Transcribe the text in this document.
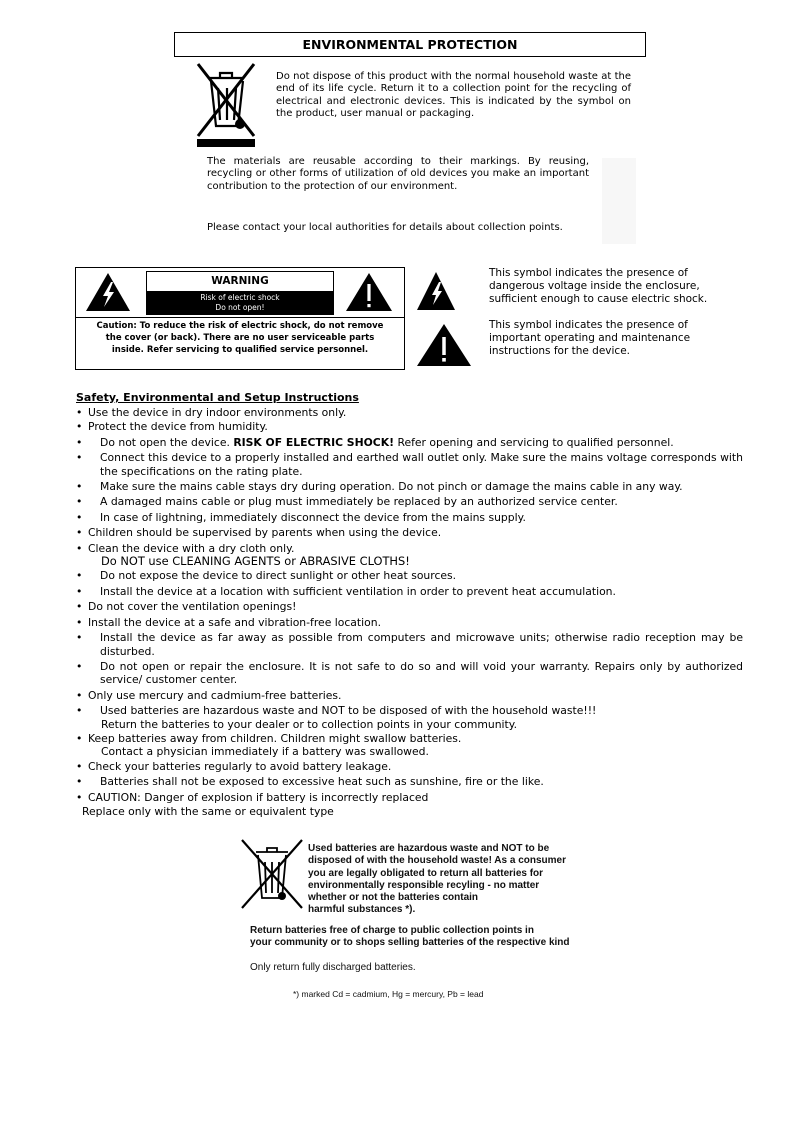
ENVIRONMENTAL PROTECTION
Do not dispose of this product with the normal household waste at the end of its life cycle. Return it to a collection point for the recycling of electrical and electronic devices. This is indicated by the symbol on the product, user manual or packaging.
The materials are reusable according to their markings. By reusing, recycling or other forms of utilization of old devices you make an important contribution to the protection of our environment.
Please contact your local authorities for details about collection points.
WARNING
Risk of electric shock
Do not open!
Caution: To reduce the risk of electric shock, do not remove the cover (or back). There are no user serviceable parts inside. Refer servicing to qualified service personnel.
This symbol indicates the presence of dangerous voltage inside the enclosure, sufficient enough to cause electric shock.
This symbol indicates the presence of important operating and maintenance instructions for the device.
Safety, Environmental and Setup Instructions
• Use the device in dry indoor environments only.
• Protect the device from humidity.
• Do not open the device. RISK OF ELECTRIC SHOCK! Refer opening and servicing to qualified personnel.
• Connect this device to a properly installed and earthed wall outlet only. Make sure the mains voltage corresponds with the specifications on the rating plate.
• Make sure the mains cable stays dry during operation. Do not pinch or damage the mains cable in any way.
• A damaged mains cable or plug must immediately be replaced by an authorized service center.
• In case of lightning, immediately disconnect the device from the mains supply.
• Children should be supervised by parents when using the device.
• Clean the device with a dry cloth only.
Do NOT use CLEANING AGENTS or ABRASIVE CLOTHS!
• Do not expose the device to direct sunlight or other heat sources.
• Install the device at a location with sufficient ventilation in order to prevent heat accumulation.
• Do not cover the ventilation openings!
• Install the device at a safe and vibration-free location.
• Install the device as far away as possible from computers and microwave units; otherwise radio reception may be disturbed.
• Do not open or repair the enclosure. It is not safe to do so and will void your warranty. Repairs only by authorized service/ customer center.
• Only use mercury and cadmium-free batteries.
• Used batteries are hazardous waste and NOT to be disposed of with the household waste!!!
Return the batteries to your dealer or to collection points in your community.
• Keep batteries away from children. Children might swallow batteries.
Contact a physician immediately if a battery was swallowed.
• Check your batteries regularly to avoid battery leakage.
• Batteries shall not be exposed to excessive heat such as sunshine, fire or the like.
• CAUTION: Danger of explosion if battery is incorrectly replaced
Replace only with the same or equivalent type
Used batteries are hazardous waste and NOT to be
disposed of with the household waste! As a consumer
you are legally obligated to return all batteries for
environmentally responsible recyling - no matter
whether or not the batteries contain
harmful substances *).
Return batteries free of charge to public collection points in
your community or to shops selling batteries of the respective kind
Only return fully discharged batteries.
*) marked Cd = cadmium, Hg = mercury, Pb = lead
